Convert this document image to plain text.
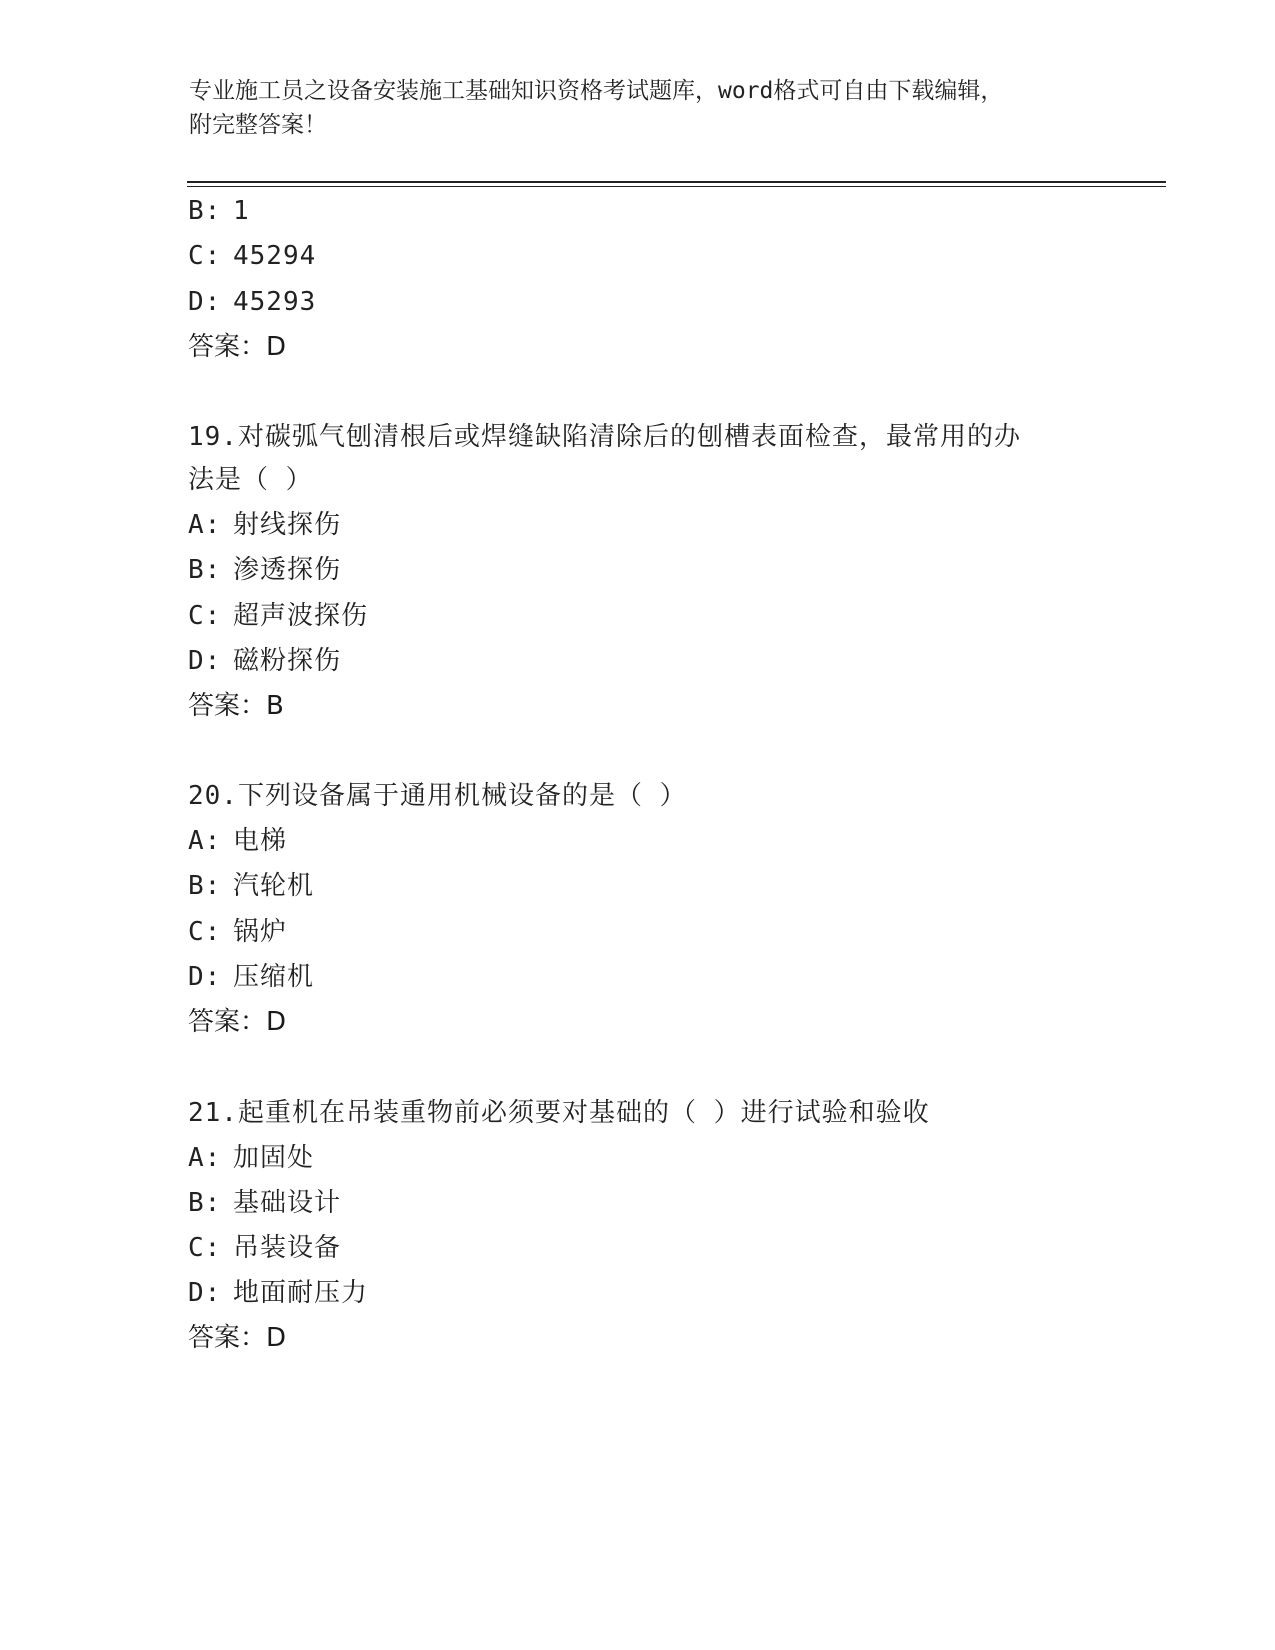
专业施工员之设备安装施工基础知识资格考试题库，word格式可自由下载编辑，
附完整答案！
B: 1
C: 45294
D: 45293
答案：D
19.对碳弧气刨清根后或焊缝缺陷清除后的刨槽表面检查，最常用的办
法是（ ）
A: 射线探伤
B: 渗透探伤
C: 超声波探伤
D: 磁粉探伤
答案：B
20.下列设备属于通用机械设备的是（ ）
A: 电梯
B: 汽轮机
C: 锅炉
D: 压缩机
答案：D
21.起重机在吊装重物前必须要对基础的（ ）进行试验和验收
A: 加固处
B: 基础设计
C: 吊装设备
D: 地面耐压力
答案：D
